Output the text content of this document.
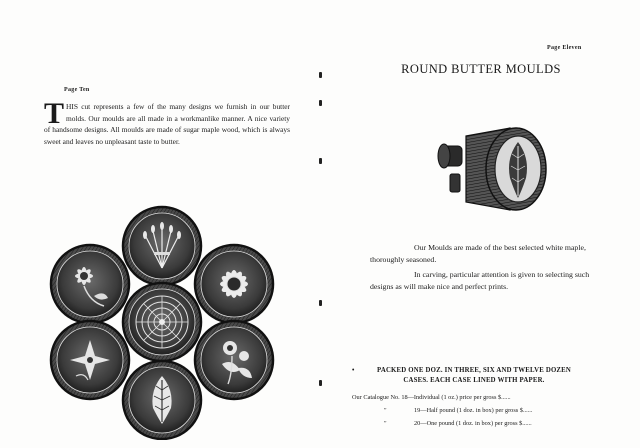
Page Ten
T HIS cut represents a few of the many designs we furnish in our butter molds. Our moulds are all made in a workmanlike manner. A nice variety of handsome designs. All moulds are made of sugar maple wood, which is always sweet and leaves no unpleasant taste to butter.
Page Eleven
ROUND BUTTER MOULDS

Our Moulds are made of the best selected white maple, thoroughly seasoned.

In carving, particular attention is given to selecting such designs as will make nice and perfect prints.

•	PACKED ONE DOZ. IN THREE, SIX AND TWELVE DOZEN
CASES. EACH CASE LINED WITH PAPER.
Our Catalogue No. 18—Individual (1 oz.) price per gross $......
"	19—Half pound (1 doz. in box) per gross $......
"	20—One pound (1 doz. in box) per gross $......
